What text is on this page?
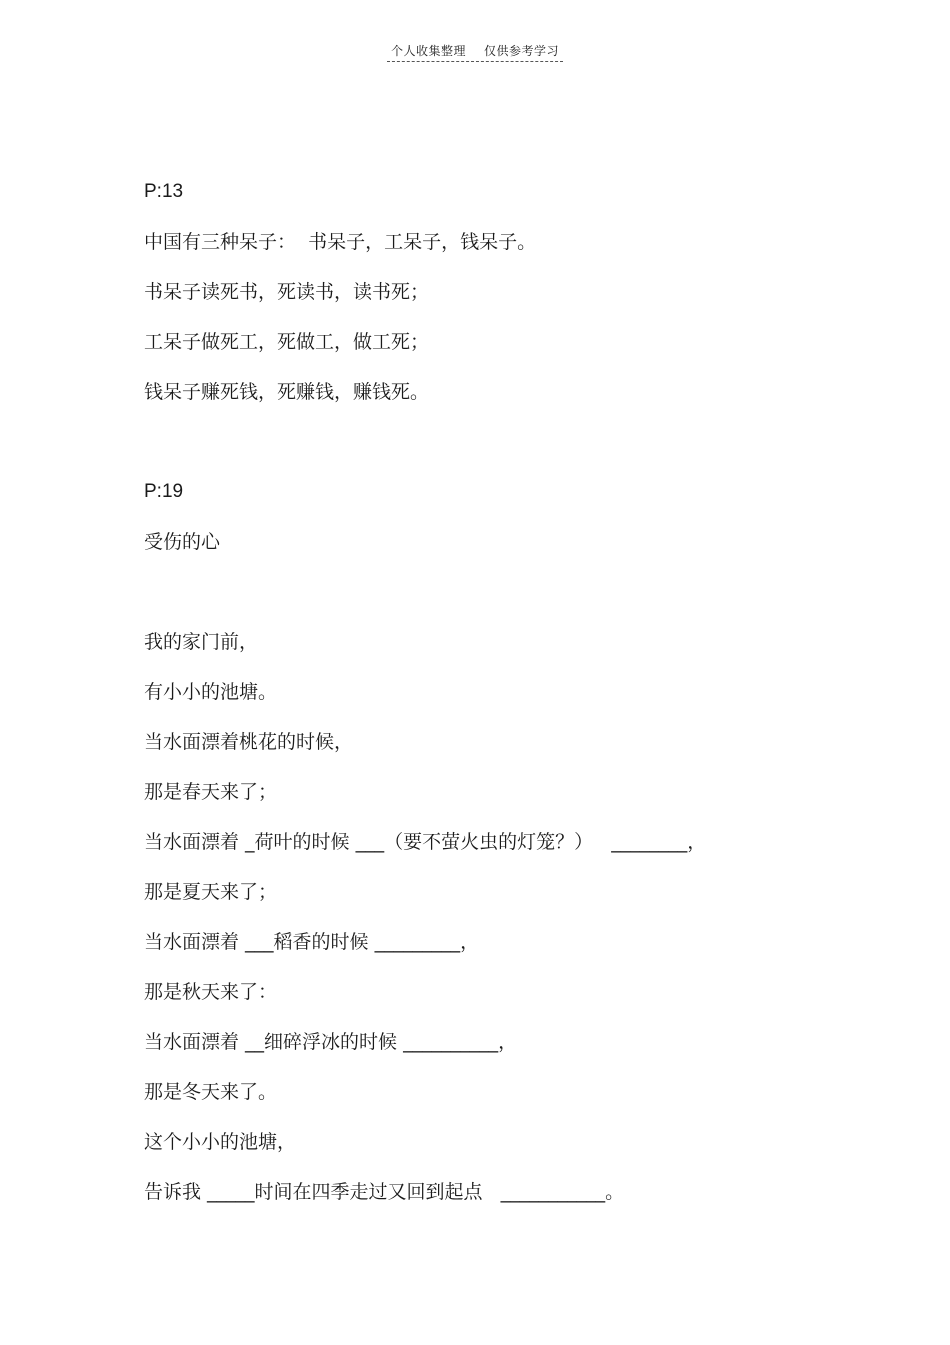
个人收集整理 仅供参考学习
P:13
中国有三种呆子：  书呆子，工呆子，钱呆子。
书呆子读死书，死读书，读书死；
工呆子做死工，死做工，做工死；
钱呆子赚死钱，死赚钱，赚钱死。
P:19
受伤的心
我的家门前，
有小小的池塘。
当水面漂着桃花的时候，
那是春天来了；
当水面漂着 _荷叶的时候 ___（要不萤火虫的灯笼？）   ________，
那是夏天来了；
当水面漂着 ___稻香的时候 _________，
那是秋天来了：
当水面漂着 __细碎浮冰的时候 __________，
那是冬天来了。
这个小小的池塘，
告诉我 _____时间在四季走过又回到起点   ___________。
